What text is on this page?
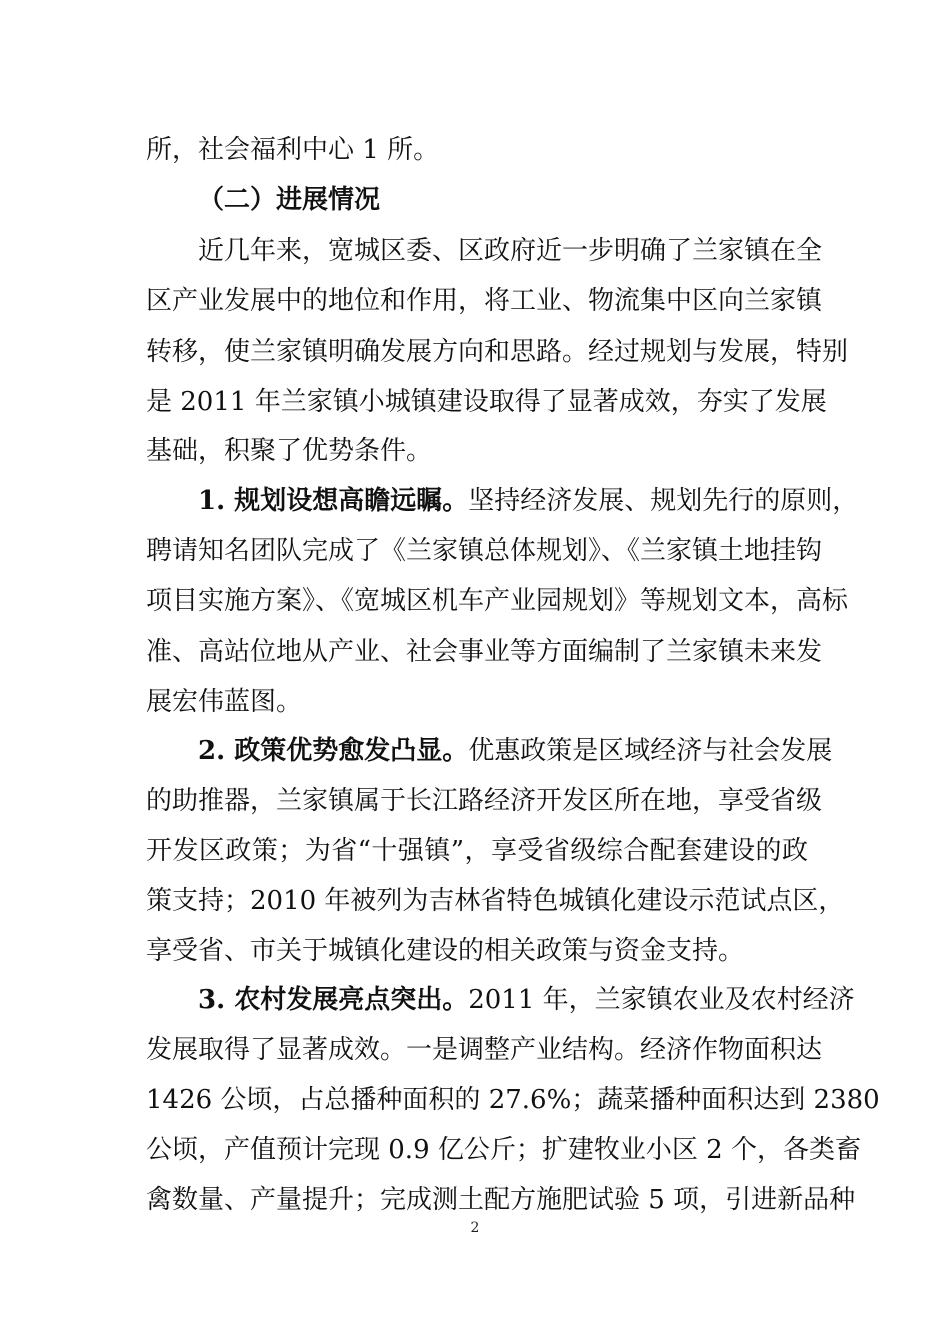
所，社会福利中心 1 所。
（二）进展情况
近几年来，宽城区委、区政府近一步明确了兰家镇在全
区产业发展中的地位和作用，将工业、物流集中区向兰家镇
转移，使兰家镇明确发展方向和思路。经过规划与发展，特别
是 2011 年兰家镇小城镇建设取得了显著成效，夯实了发展
基础，积聚了优势条件。
1. 规划设想高瞻远瞩。坚持经济发展、规划先行的原则，
聘请知名团队完成了《兰家镇总体规划》、《兰家镇土地挂钩
项目实施方案》、《宽城区机车产业园规划》等规划文本，高标
准、高站位地从产业、社会事业等方面编制了兰家镇未来发
展宏伟蓝图。
2. 政策优势愈发凸显。优惠政策是区域经济与社会发展
的助推器，兰家镇属于长江路经济开发区所在地，享受省级
开发区政策；为省“十强镇”，享受省级综合配套建设的政
策支持；2010 年被列为吉林省特色城镇化建设示范试点区，
享受省、市关于城镇化建设的相关政策与资金支持。
3. 农村发展亮点突出。2011 年，兰家镇农业及农村经济
发展取得了显著成效。一是调整产业结构。经济作物面积达
1426 公顷，占总播种面积的 27.6%；蔬菜播种面积达到 2380
公顷，产值预计完现 0.9 亿公斤；扩建牧业小区 2 个，各类畜
禽数量、产量提升；完成测土配方施肥试验 5 项，引进新品种
2
